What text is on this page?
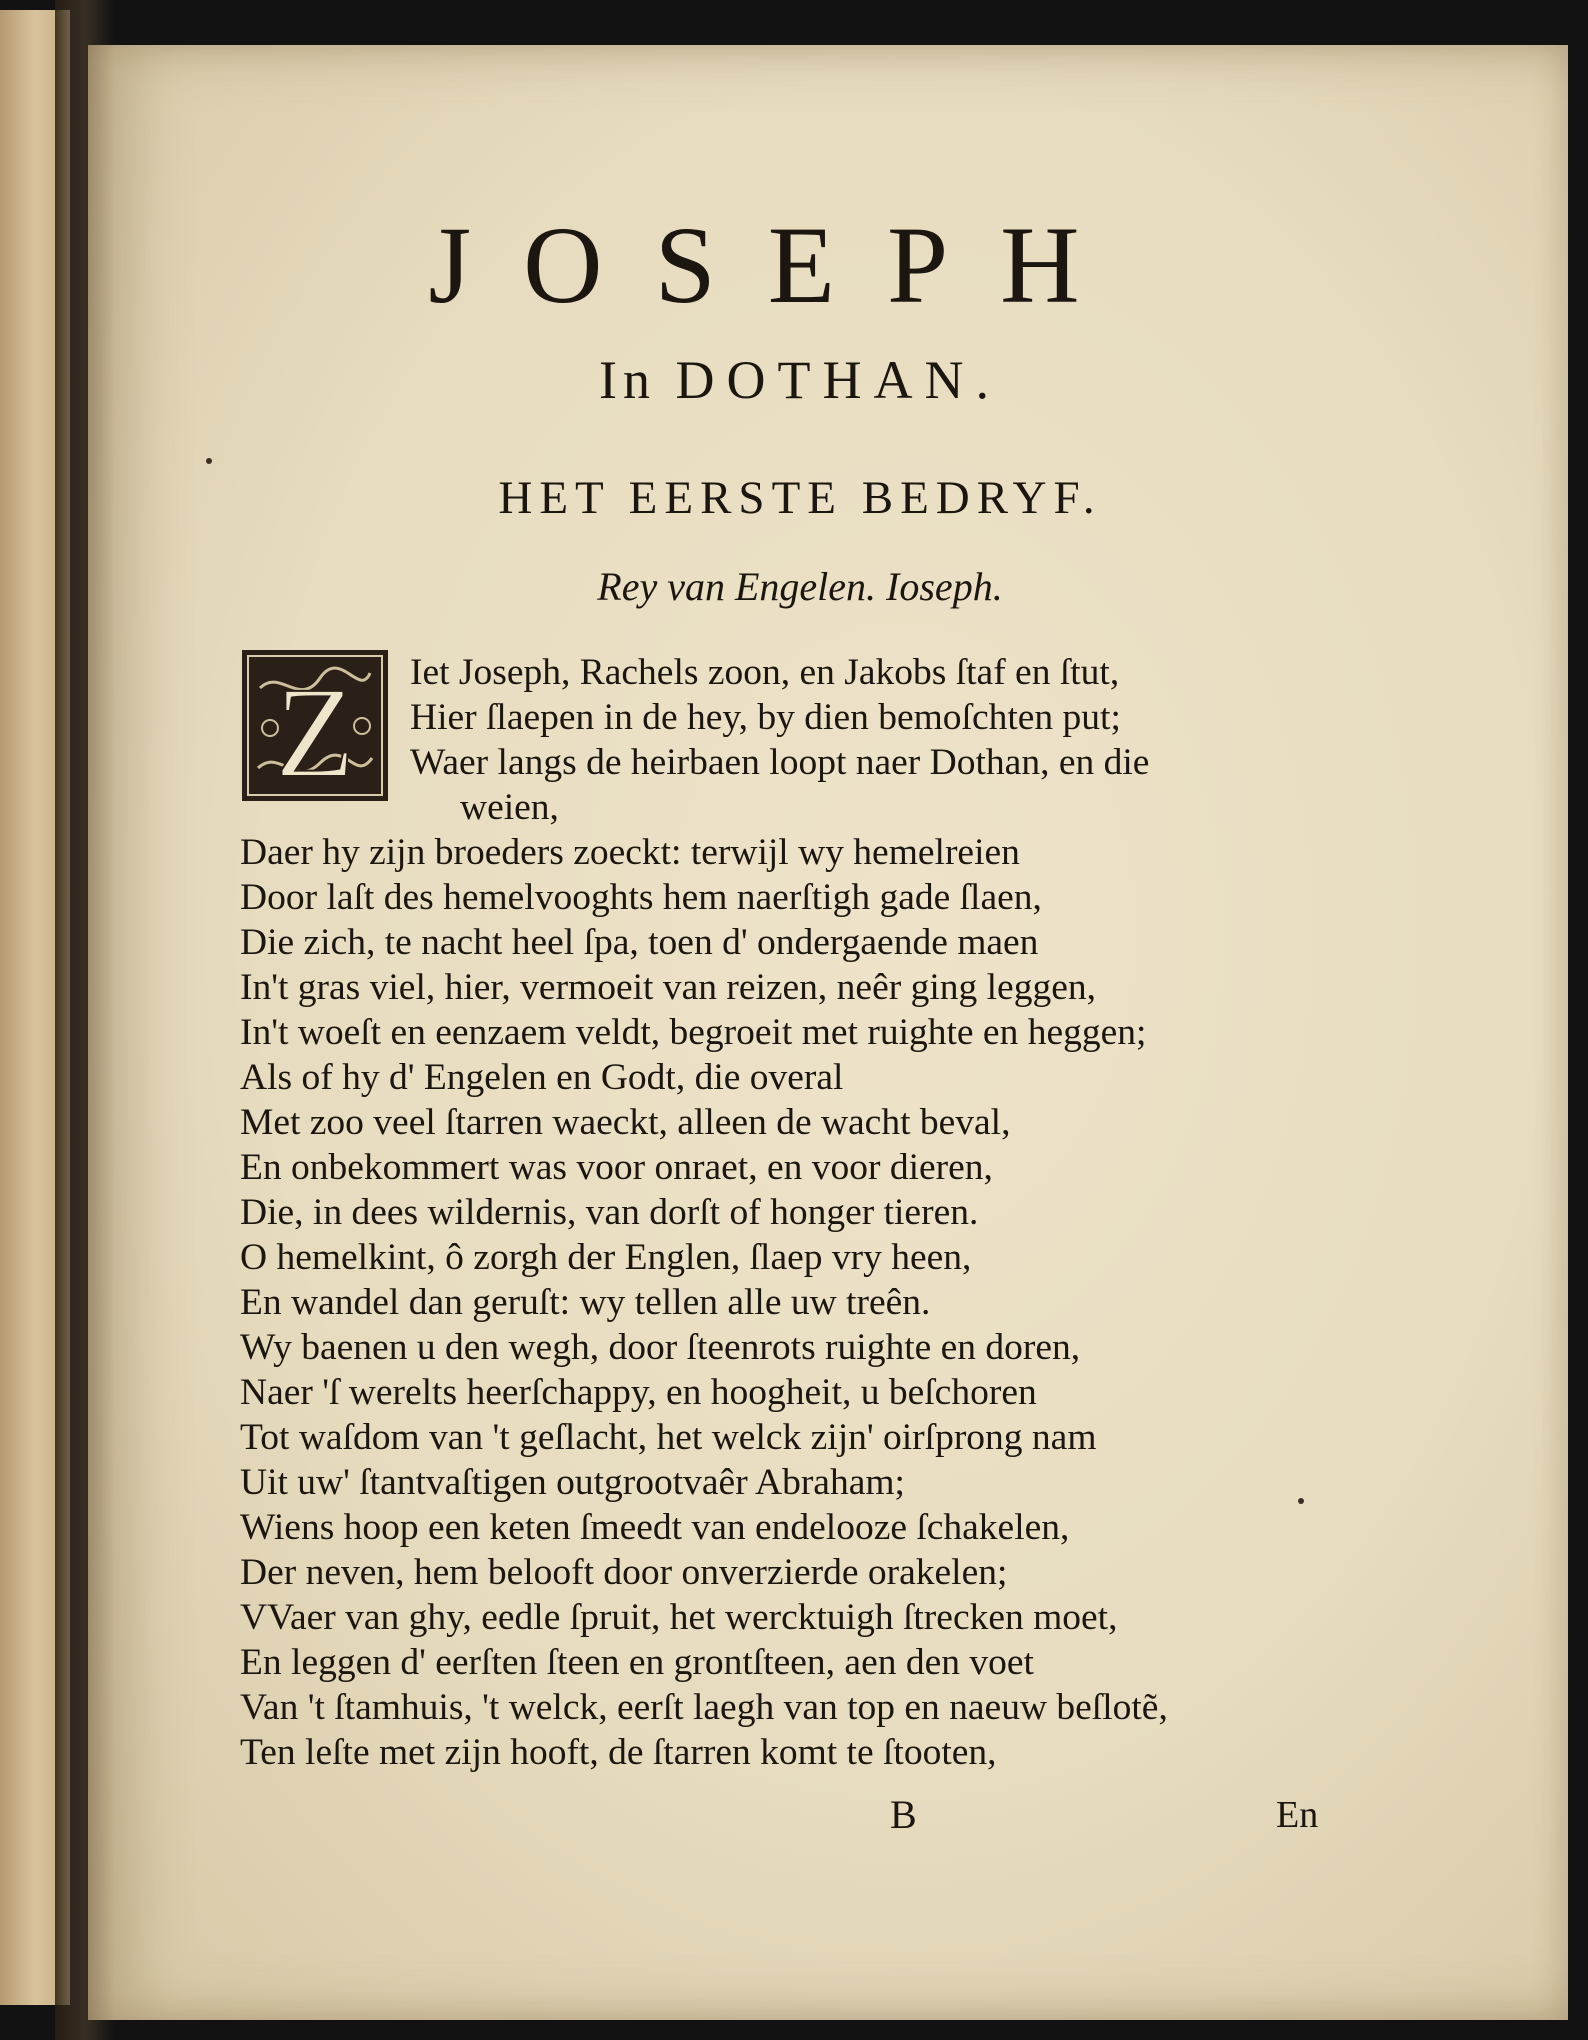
JOSEPH
In DOTHAN.
HET EERSTE BEDRYF.
Rey van Engelen. Ioseph.
Z Iet Joseph, Rachels zoon, en Jakobs ſtaf en ſtut,
Hier ſlaepen in de hey, by dien bemoſchten put;
Waer langs de heirbaen loopt naer Dothan, en die
weien,
Daer hy zijn broeders zoeckt: terwijl wy hemelreien
Door laſt des hemelvooghts hem naerſtigh gade ſlaen,
Die zich, te nacht heel ſpa, toen d' ondergaende maen
In't gras viel, hier, vermoeit van reizen, neêr ging leggen,
In't woeſt en eenzaem veldt, begroeit met ruighte en heggen;
Als of hy d' Engelen en Godt, die overal
Met zoo veel ſtarren waeckt, alleen de wacht beval,
En onbekommert was voor onraet, en voor dieren,
Die, in dees wildernis, van dorſt of honger tieren.
O hemelkint, ô zorgh der Englen, ſlaep vry heen,
En wandel dan geruſt: wy tellen alle uw treên.
Wy baenen u den wegh, door ſteenrots ruighte en doren,
Naer 'ſ werelts heerſchappy, en hoogheit, u beſchoren
Tot waſdom van 't geſlacht, het welck zijn' oirſprong nam
Uit uw' ſtantvaſtigen outgrootvaêr Abraham;
Wiens hoop een keten ſmeedt van endelooze ſchakelen,
Der neven, hem belooft door onverzierde orakelen;
VVaer van ghy, eedle ſpruit, het wercktuigh ſtrecken moet,
En leggen d' eerſten ſteen en grontſteen, aen den voet
Van 't ſtamhuis, 't welck, eerſt laegh van top en naeuw beſlotẽ,
Ten leſte met zijn hooft, de ſtarren komt te ſtooten,
B	En
